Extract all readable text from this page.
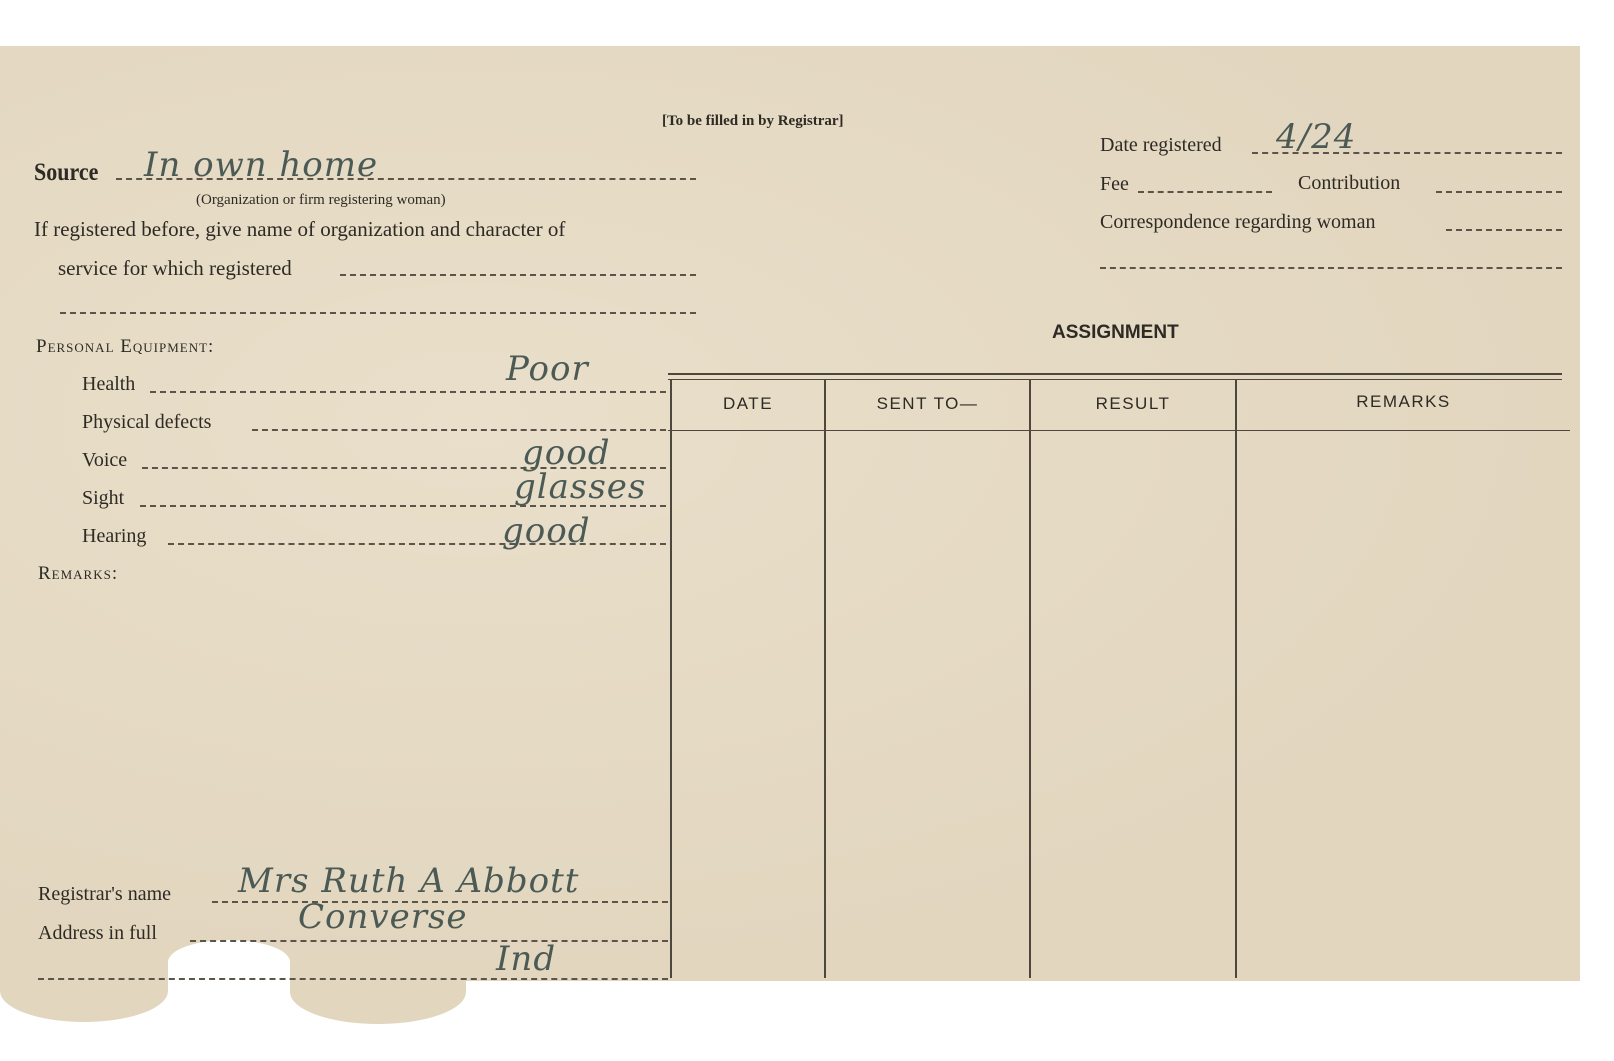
[To be filled in by Registrar]
Source In own home
(Organization or firm registering woman)
If registered before, give name of organization and character of
service for which registered
Personal Equipment:
Health	Poor
Physical defects
Voice	good
Sight	glasses
Hearing	good
Remarks:
Registrar's name Mrs Ruth A Abbott
Address in full	Converse
Ind
Date registered 4/24
Fee	Contribution
Correspondence regarding woman
ASSIGNMENT
DATE	SENT TO—	RESULT	REMARKS
